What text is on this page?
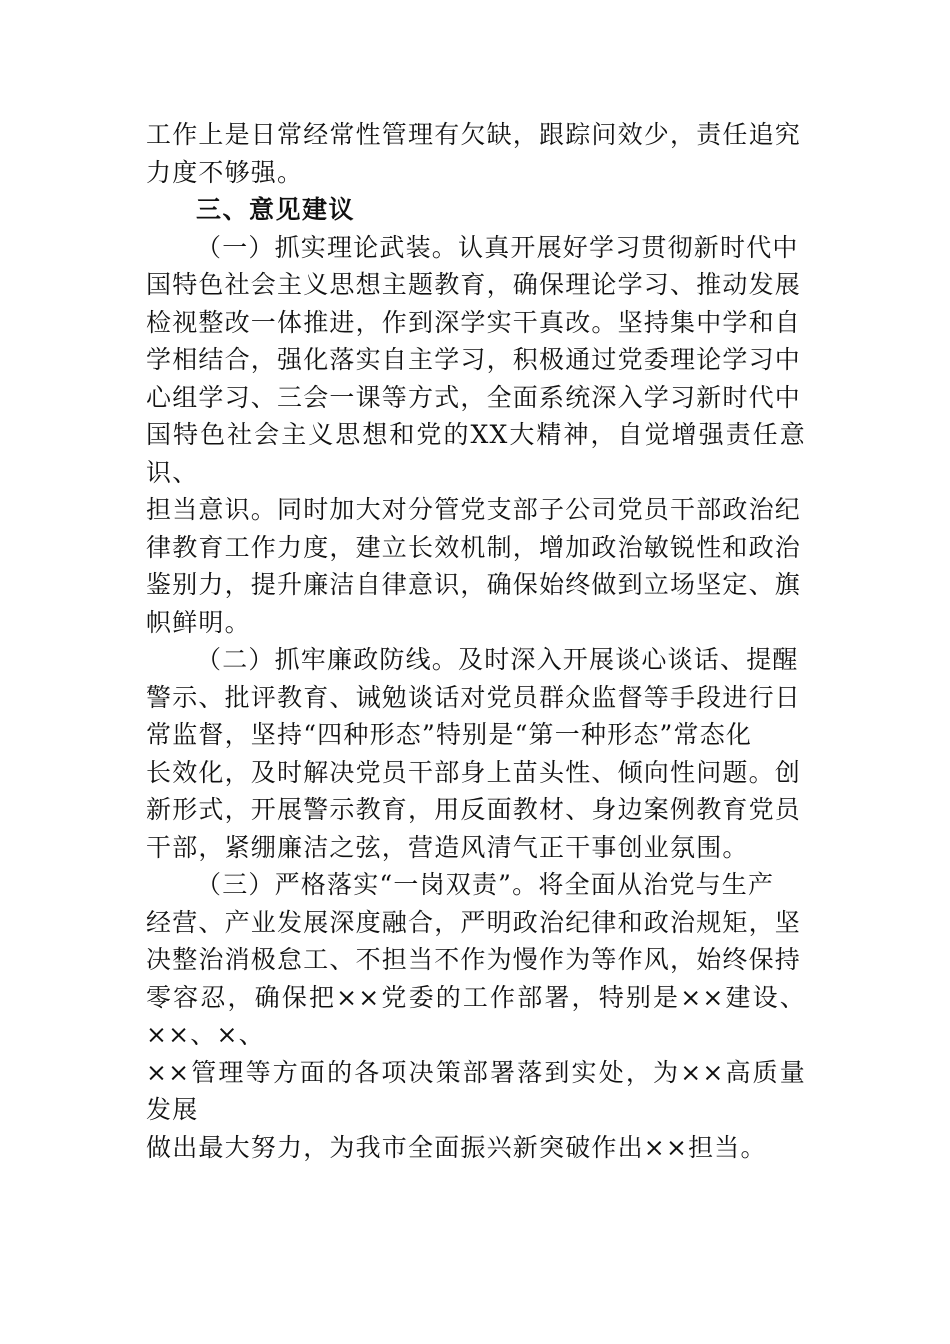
工作上是日常经常性管理有欠缺，跟踪问效少，责任追究
力度不够强。

三、意见建议

（一）抓实理论武装。认真开展好学习贯彻新时代中
国特色社会主义思想主题教育，确保理论学习、推动发展
检视整改一体推进，作到深学实干真改。坚持集中学和自
学相结合，强化落实自主学习，积极通过党委理论学习中
心组学习、三会一课等方式，全面系统深入学习新时代中
国特色社会主义思想和党的XX大精神，自觉增强责任意识、
担当意识。同时加大对分管党支部子公司党员干部政治纪
律教育工作力度，建立长效机制，增加政治敏锐性和政治
鉴别力，提升廉洁自律意识，确保始终做到立场坚定、旗
帜鲜明。

（二）抓牢廉政防线。及时深入开展谈心谈话、提醒
警示、批评教育、诫勉谈话对党员群众监督等手段进行日
常监督，坚持“四种形态”特别是“第一种形态”常态化
长效化，及时解决党员干部身上苗头性、倾向性问题。创
新形式，开展警示教育，用反面教材、身边案例教育党员
干部，紧绷廉洁之弦，营造风清气正干事创业氛围。

（三）严格落实“一岗双责”。将全面从治党与生产
经营、产业发展深度融合，严明政治纪律和政治规矩，坚
决整治消极怠工、不担当不作为慢作为等作风，始终保持
零容忍，确保把××党委的工作部署，特别是××建设、××、×、
××管理等方面的各项决策部署落到实处，为××高质量发展
做出最大努力，为我市全面振兴新突破作出××担当。
